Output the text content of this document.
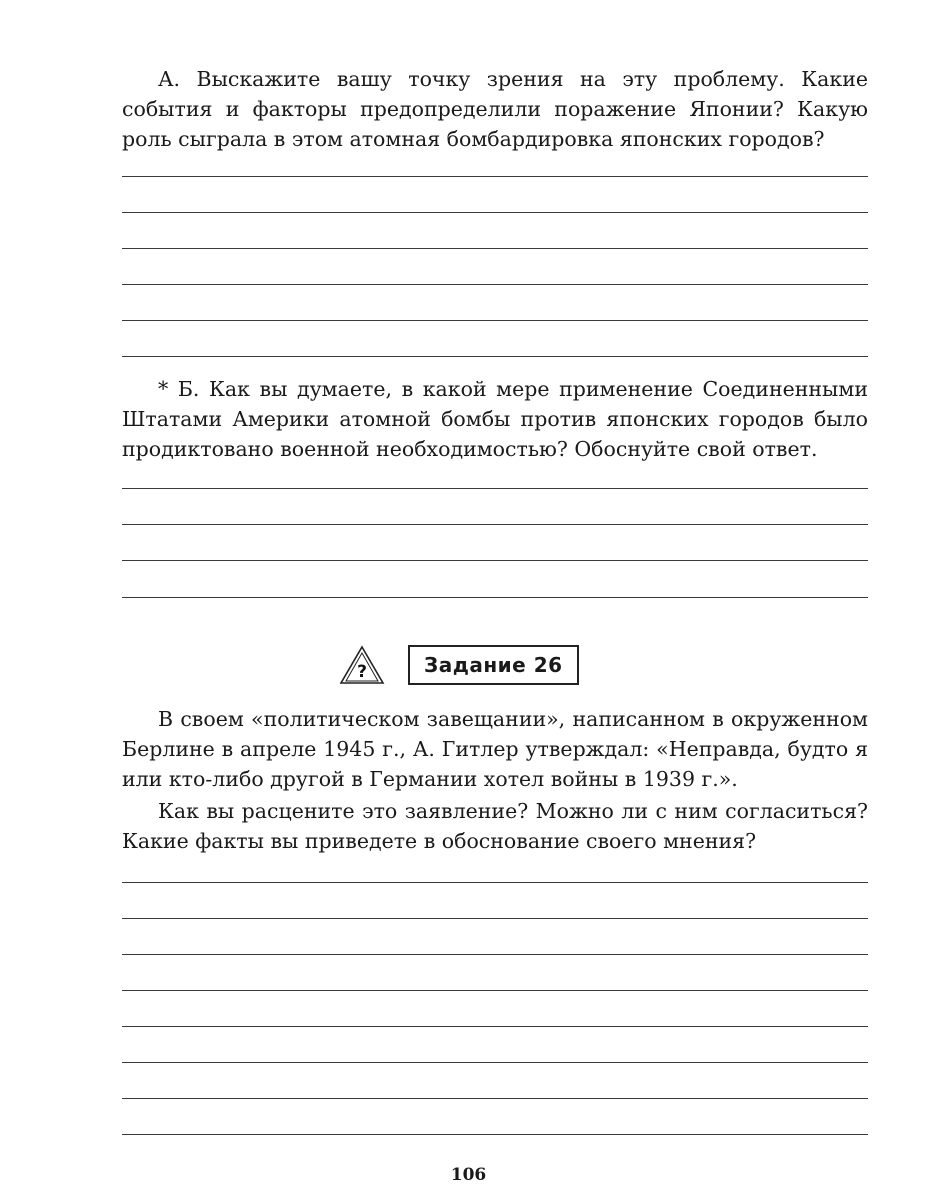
А. Выскажите вашу точку зрения на эту проблему. Какие события и факторы предопределили поражение Японии? Какую роль сыграла в этом атомная бомбардировка японских городов?

* Б. Как вы думаете, в какой мере применение Соединенными Штатами Америки атомной бомбы против японских городов было продиктовано военной необходимостью? Обоснуйте свой ответ.

?	Задание 26

В своем «политическом завещании», написанном в окруженном Берлине в апреле 1945 г., А. Гитлер утверждал: «Неправда, будто я или кто-либо другой в Германии хотел войны в 1939 г.».

Как вы расцените это заявление? Можно ли с ним согласиться? Какие факты вы приведете в обоснование своего мнения?

106
